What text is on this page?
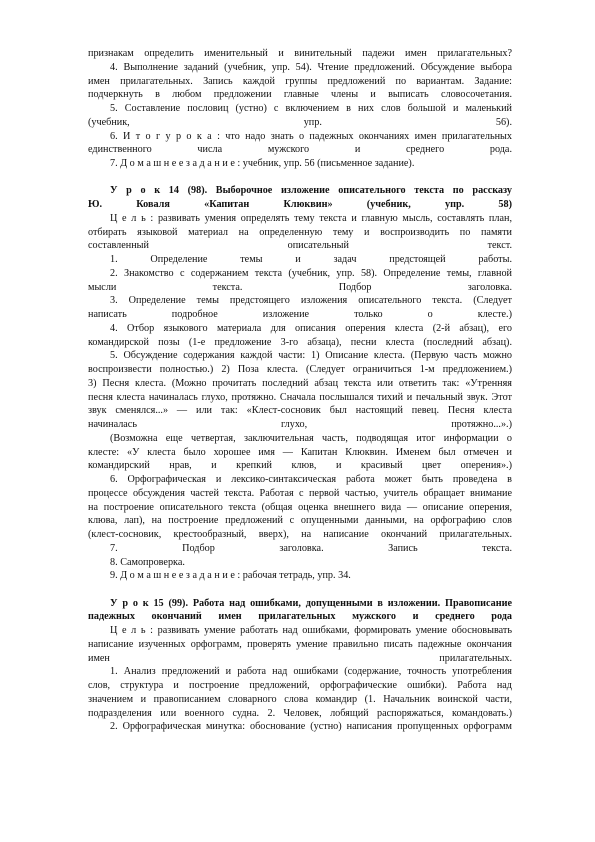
признакам определить именительный и винительный падежи имен прилагательных?

4. Выполнение заданий (учебник, упр. 54). Чтение предложений. Обсуждение выбора

имен прилагательных. Запись каждой группы предложений по вариантам. Задание:

подчеркнуть в любом предложении главные члены и выписать словосочетания.

5. Составление пословиц (устно) с включением в них слов большой и маленький

(учебник, упр. 56).

6. И т о г у р о к а : что надо знать о падежных окончаниях имен прилагательных

единственного числа мужского и среднего рода.

7. Д о м а ш н е е з а д а н и е : учебник, упр. 56 (письменное задание).

У р о к 14 (98). Выборочное изложение описательного текста по рассказу

Ю. Коваля «Капитан Клюквин» (учебник, упр. 58)

Ц е л ь : развивать умения определять тему текста и главную мысль, составлять план,

отбирать языковой материал на определенную тему и воспроизводить по памяти

составленный описательный текст.

1. Определение темы и задач предстоящей работы.

2. Знакомство с содержанием текста (учебник, упр. 58). Определение темы, главной

мысли текста. Подбор заголовка.

3. Определение темы предстоящего изложения описательного текста. (Следует

написать подробное изложение только о клесте.)

4. Отбор языкового материала для описания оперения клеста (2-й абзац), его

командирской позы (1-е предложение 3-го абзаца), песни клеста (последний абзац).

5. Обсуждение содержания каждой части: 1) Описание клеста. (Первую часть можно

воспроизвести полностью.) 2) Поза клеста. (Следует ограничиться 1-м предложением.)

3) Песня клеста. (Можно прочитать последний абзац текста или ответить так: «Утренняя

песня клеста начиналась глухо, протяжно. Сначала послышался тихий и печальный звук. Этот

звук сменялся...» — или так: «Клест-сосновик был настоящий певец. Песня клеста

начиналась глухо, протяжно...».)

(Возможна еще четвертая, заключительная часть, подводящая итог информации о

клесте: «У клеста было хорошее имя — Капитан Клюквин. Именем был отмечен и

командирский нрав, и крепкий клюв, и красивый цвет оперения».)

6. Орфографическая и лексико-синтаксическая работа может быть проведена в

процессе обсуждения частей текста. Работая с первой частью, учитель обращает внимание

на построение описательного текста (общая оценка внешнего вида — описание оперения,

клюва, лап), на построение предложений с опущенными данными, на орфографию слов

(клест-сосновик, крестообразный, вверх), на написание окончаний прилагательных.

7. Подбор заголовка. Запись текста.

8. Самопроверка.

9. Д о м а ш н е е з а д а н и е : рабочая тетрадь, упр. 34.

У р о к 15 (99). Работа над ошибками, допущенными в изложении. Правописание

падежных окончаний имен прилагательных мужского и среднего рода

Ц е л ь : развивать умение работать над ошибками, формировать умение обосновывать

написание изученных орфограмм, проверять умение правильно писать падежные окончания

имен прилагательных.

1. Анализ предложений и работа над ошибками (содержание, точность употребления

слов, структура и построение предложений, орфографические ошибки). Работа над

значением и правописанием словарного слова командир (1. Начальник воинской части,

подразделения или военного судна. 2. Человек, лобящий распоряжаться, командовать.)

2. Орфографическая минутка: обоснование (устно) написания пропущенных орфограмм
